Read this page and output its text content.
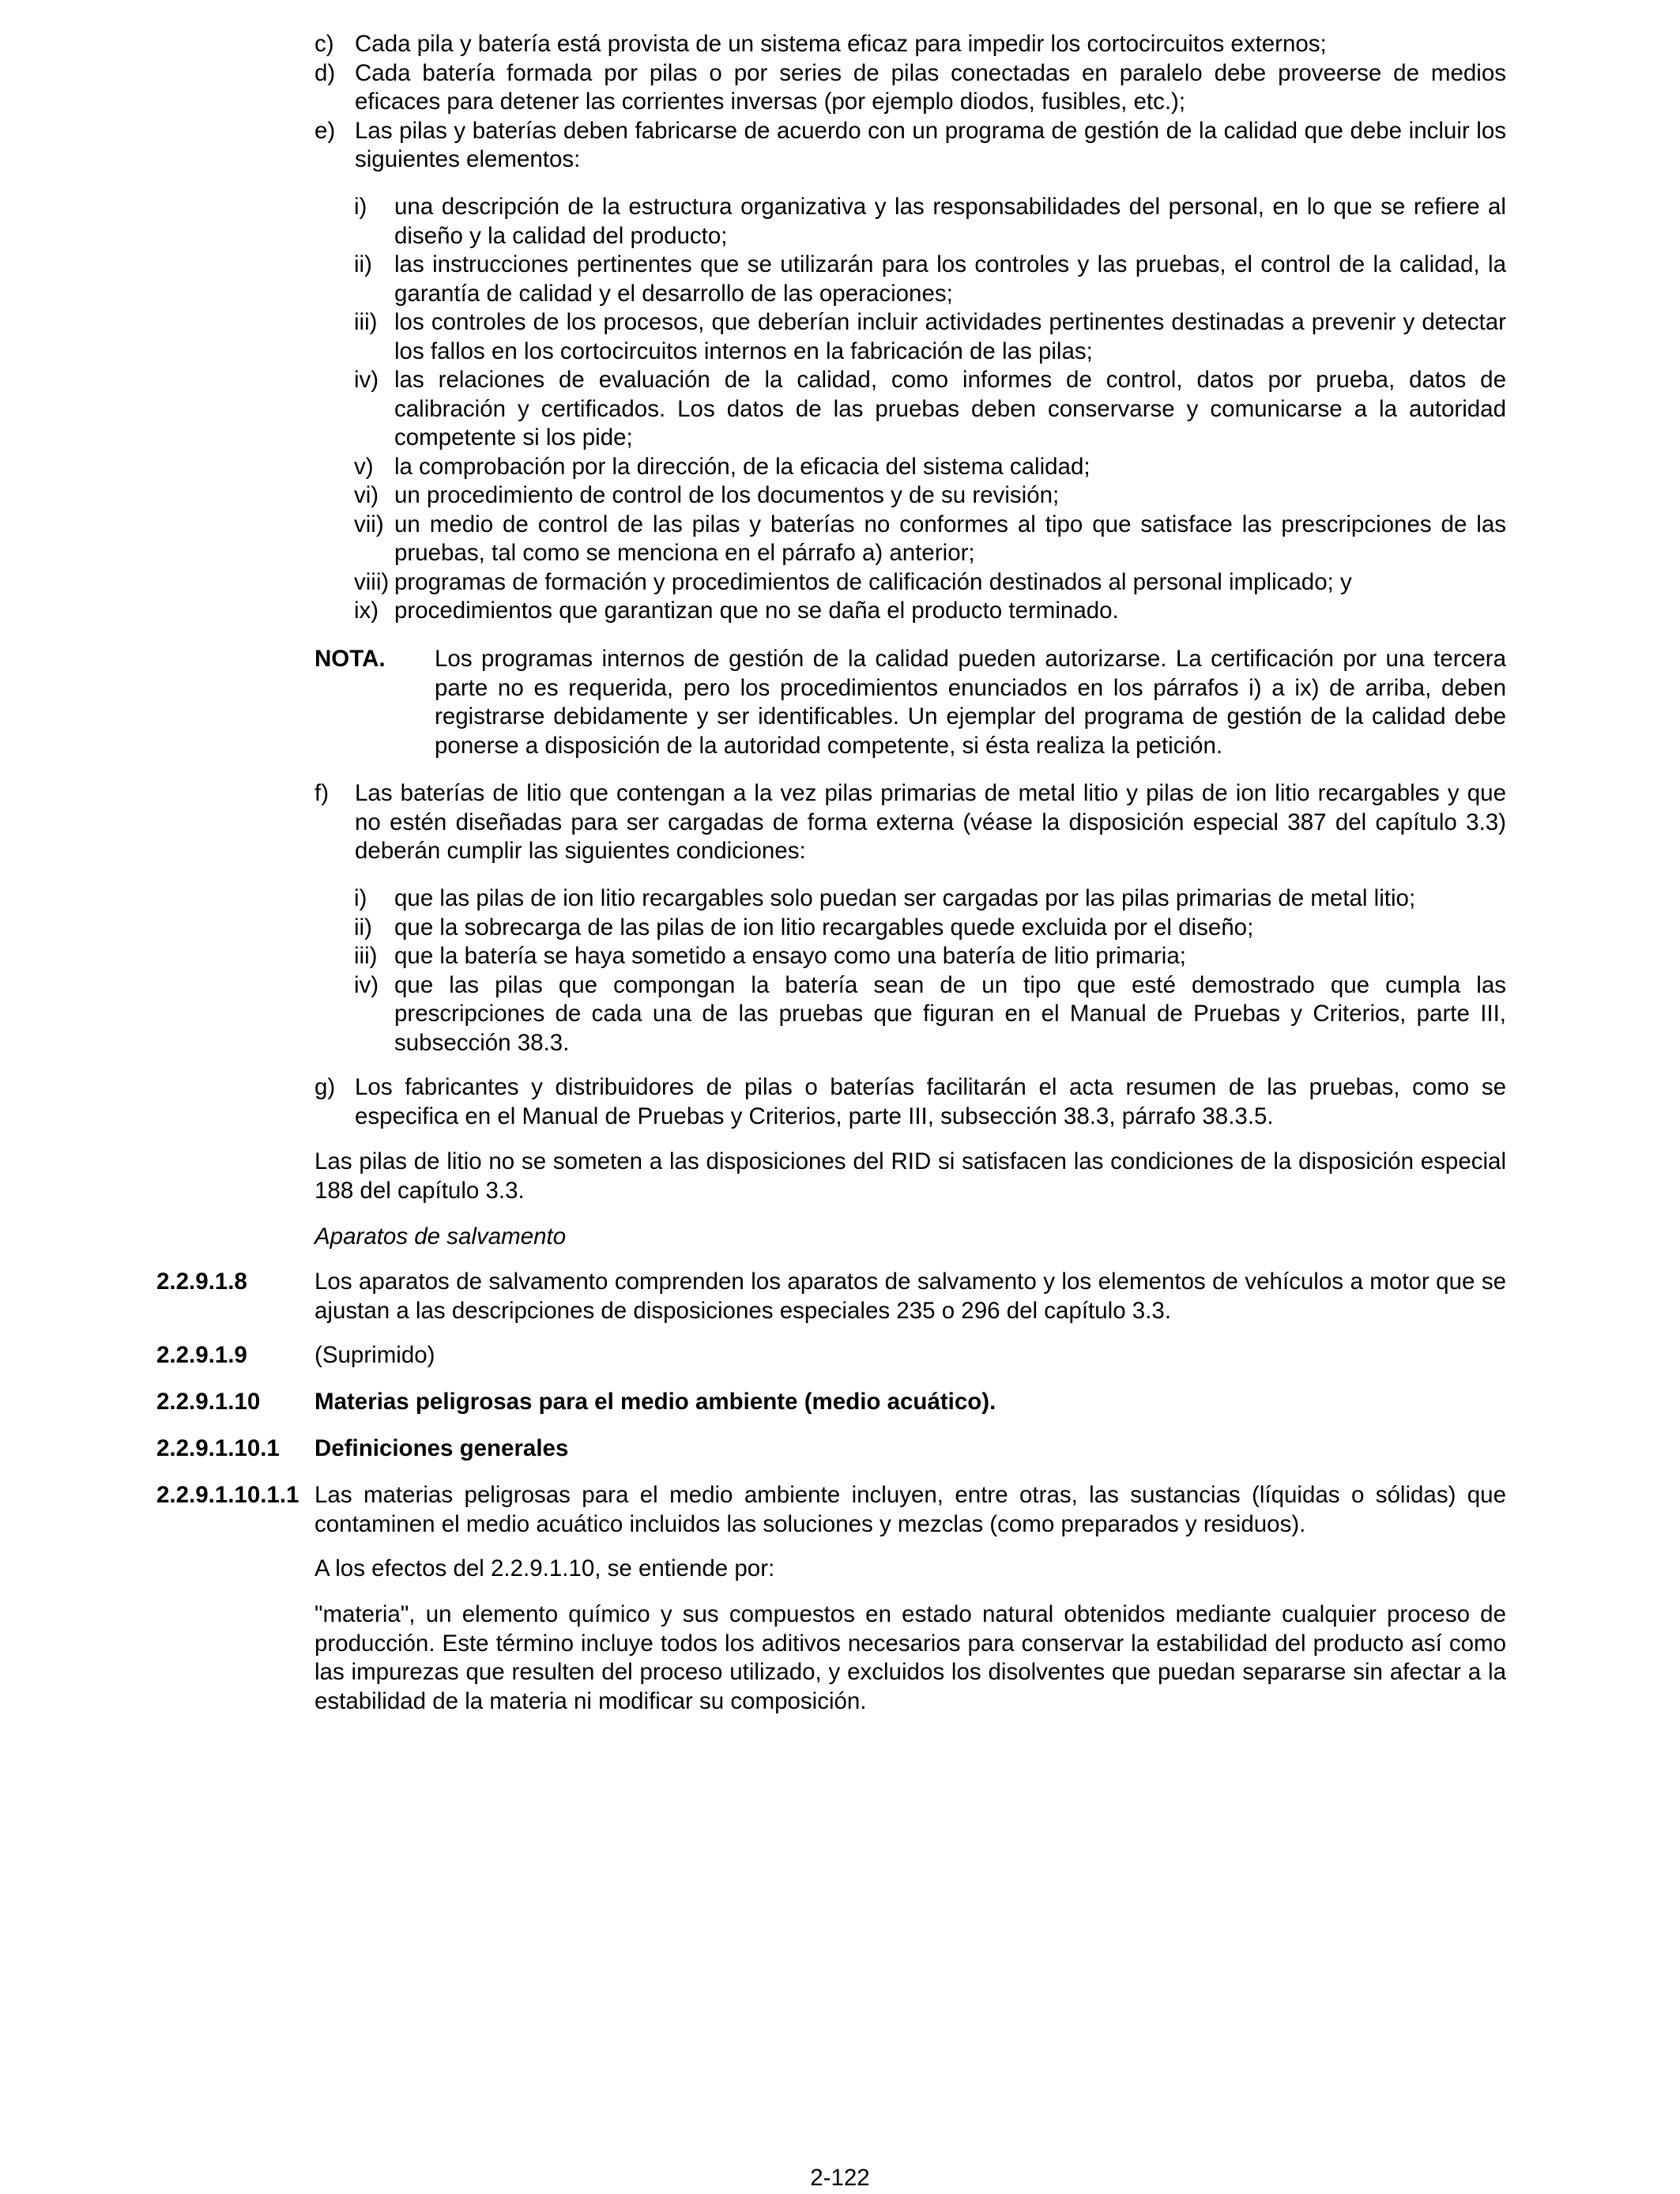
c) Cada pila y batería está provista de un sistema eficaz para impedir los cortocircuitos externos;
d) Cada batería formada por pilas o por series de pilas conectadas en paralelo debe proveerse de medios eficaces para detener las corrientes inversas (por ejemplo diodos, fusibles, etc.);
e) Las pilas y baterías deben fabricarse de acuerdo con un programa de gestión de la calidad que debe incluir los siguientes elementos:
i) una descripción de la estructura organizativa y las responsabilidades del personal, en lo que se refiere al diseño y la calidad del producto;
ii) las instrucciones pertinentes que se utilizarán para los controles y las pruebas, el control de la calidad, la garantía de calidad y el desarrollo de las operaciones;
iii) los controles de los procesos, que deberían incluir actividades pertinentes destinadas a prevenir y detectar los fallos en los cortocircuitos internos en la fabricación de las pilas;
iv) las relaciones de evaluación de la calidad, como informes de control, datos por prueba, datos de calibración y certificados. Los datos de las pruebas deben conservarse y comunicarse a la autoridad competente si los pide;
v) la comprobación por la dirección, de la eficacia del sistema calidad;
vi) un procedimiento de control de los documentos y de su revisión;
vii) un medio de control de las pilas y baterías no conformes al tipo que satisface las prescripciones de las pruebas, tal como se menciona en el párrafo a) anterior;
viii) programas de formación y procedimientos de calificación destinados al personal implicado; y
ix) procedimientos que garantizan que no se daña el producto terminado.
NOTA. Los programas internos de gestión de la calidad pueden autorizarse. La certificación por una tercera parte no es requerida, pero los procedimientos enunciados en los párrafos i) a ix) de arriba, deben registrarse debidamente y ser identificables. Un ejemplar del programa de gestión de la calidad debe ponerse a disposición de la autoridad competente, si ésta realiza la petición.
f) Las baterías de litio que contengan a la vez pilas primarias de metal litio y pilas de ion litio recargables y que no estén diseñadas para ser cargadas de forma externa (véase la disposición especial 387 del capítulo 3.3) deberán cumplir las siguientes condiciones:
i) que las pilas de ion litio recargables solo puedan ser cargadas por las pilas primarias de metal litio;
ii) que la sobrecarga de las pilas de ion litio recargables quede excluida por el diseño;
iii) que la batería se haya sometido a ensayo como una batería de litio primaria;
iv) que las pilas que compongan la batería sean de un tipo que esté demostrado que cumpla las prescripciones de cada una de las pruebas que figuran en el Manual de Pruebas y Criterios, parte III, subsección 38.3.
g) Los fabricantes y distribuidores de pilas o baterías facilitarán el acta resumen de las pruebas, como se especifica en el Manual de Pruebas y Criterios, parte III, subsección 38.3, párrafo 38.3.5.

Las pilas de litio no se someten a las disposiciones del RID si satisfacen las condiciones de la disposición especial 188 del capítulo 3.3.

Aparatos de salvamento

2.2.9.1.8	Los aparatos de salvamento comprenden los aparatos de salvamento y los elementos de vehículos a motor que se ajustan a las descripciones de disposiciones especiales 235 o 296 del capítulo 3.3.
2.2.9.1.9	(Suprimido)
2.2.9.1.10 Materias peligrosas para el medio ambiente (medio acuático).
2.2.9.1.10.1 Definiciones generales
2.2.9.1.10.1.1 Las materias peligrosas para el medio ambiente incluyen, entre otras, las sustancias (líquidas o sólidas) que contaminen el medio acuático incluidos las soluciones y mezclas (como preparados y residuos).

A los efectos del 2.2.9.1.10, se entiende por:

"materia", un elemento químico y sus compuestos en estado natural obtenidos mediante cualquier proceso de producción. Este término incluye todos los aditivos necesarios para conservar la estabilidad del producto así como las impurezas que resulten del proceso utilizado, y excluidos los disolventes que puedan separarse sin afectar a la estabilidad de la materia ni modificar su composición.

2-122
